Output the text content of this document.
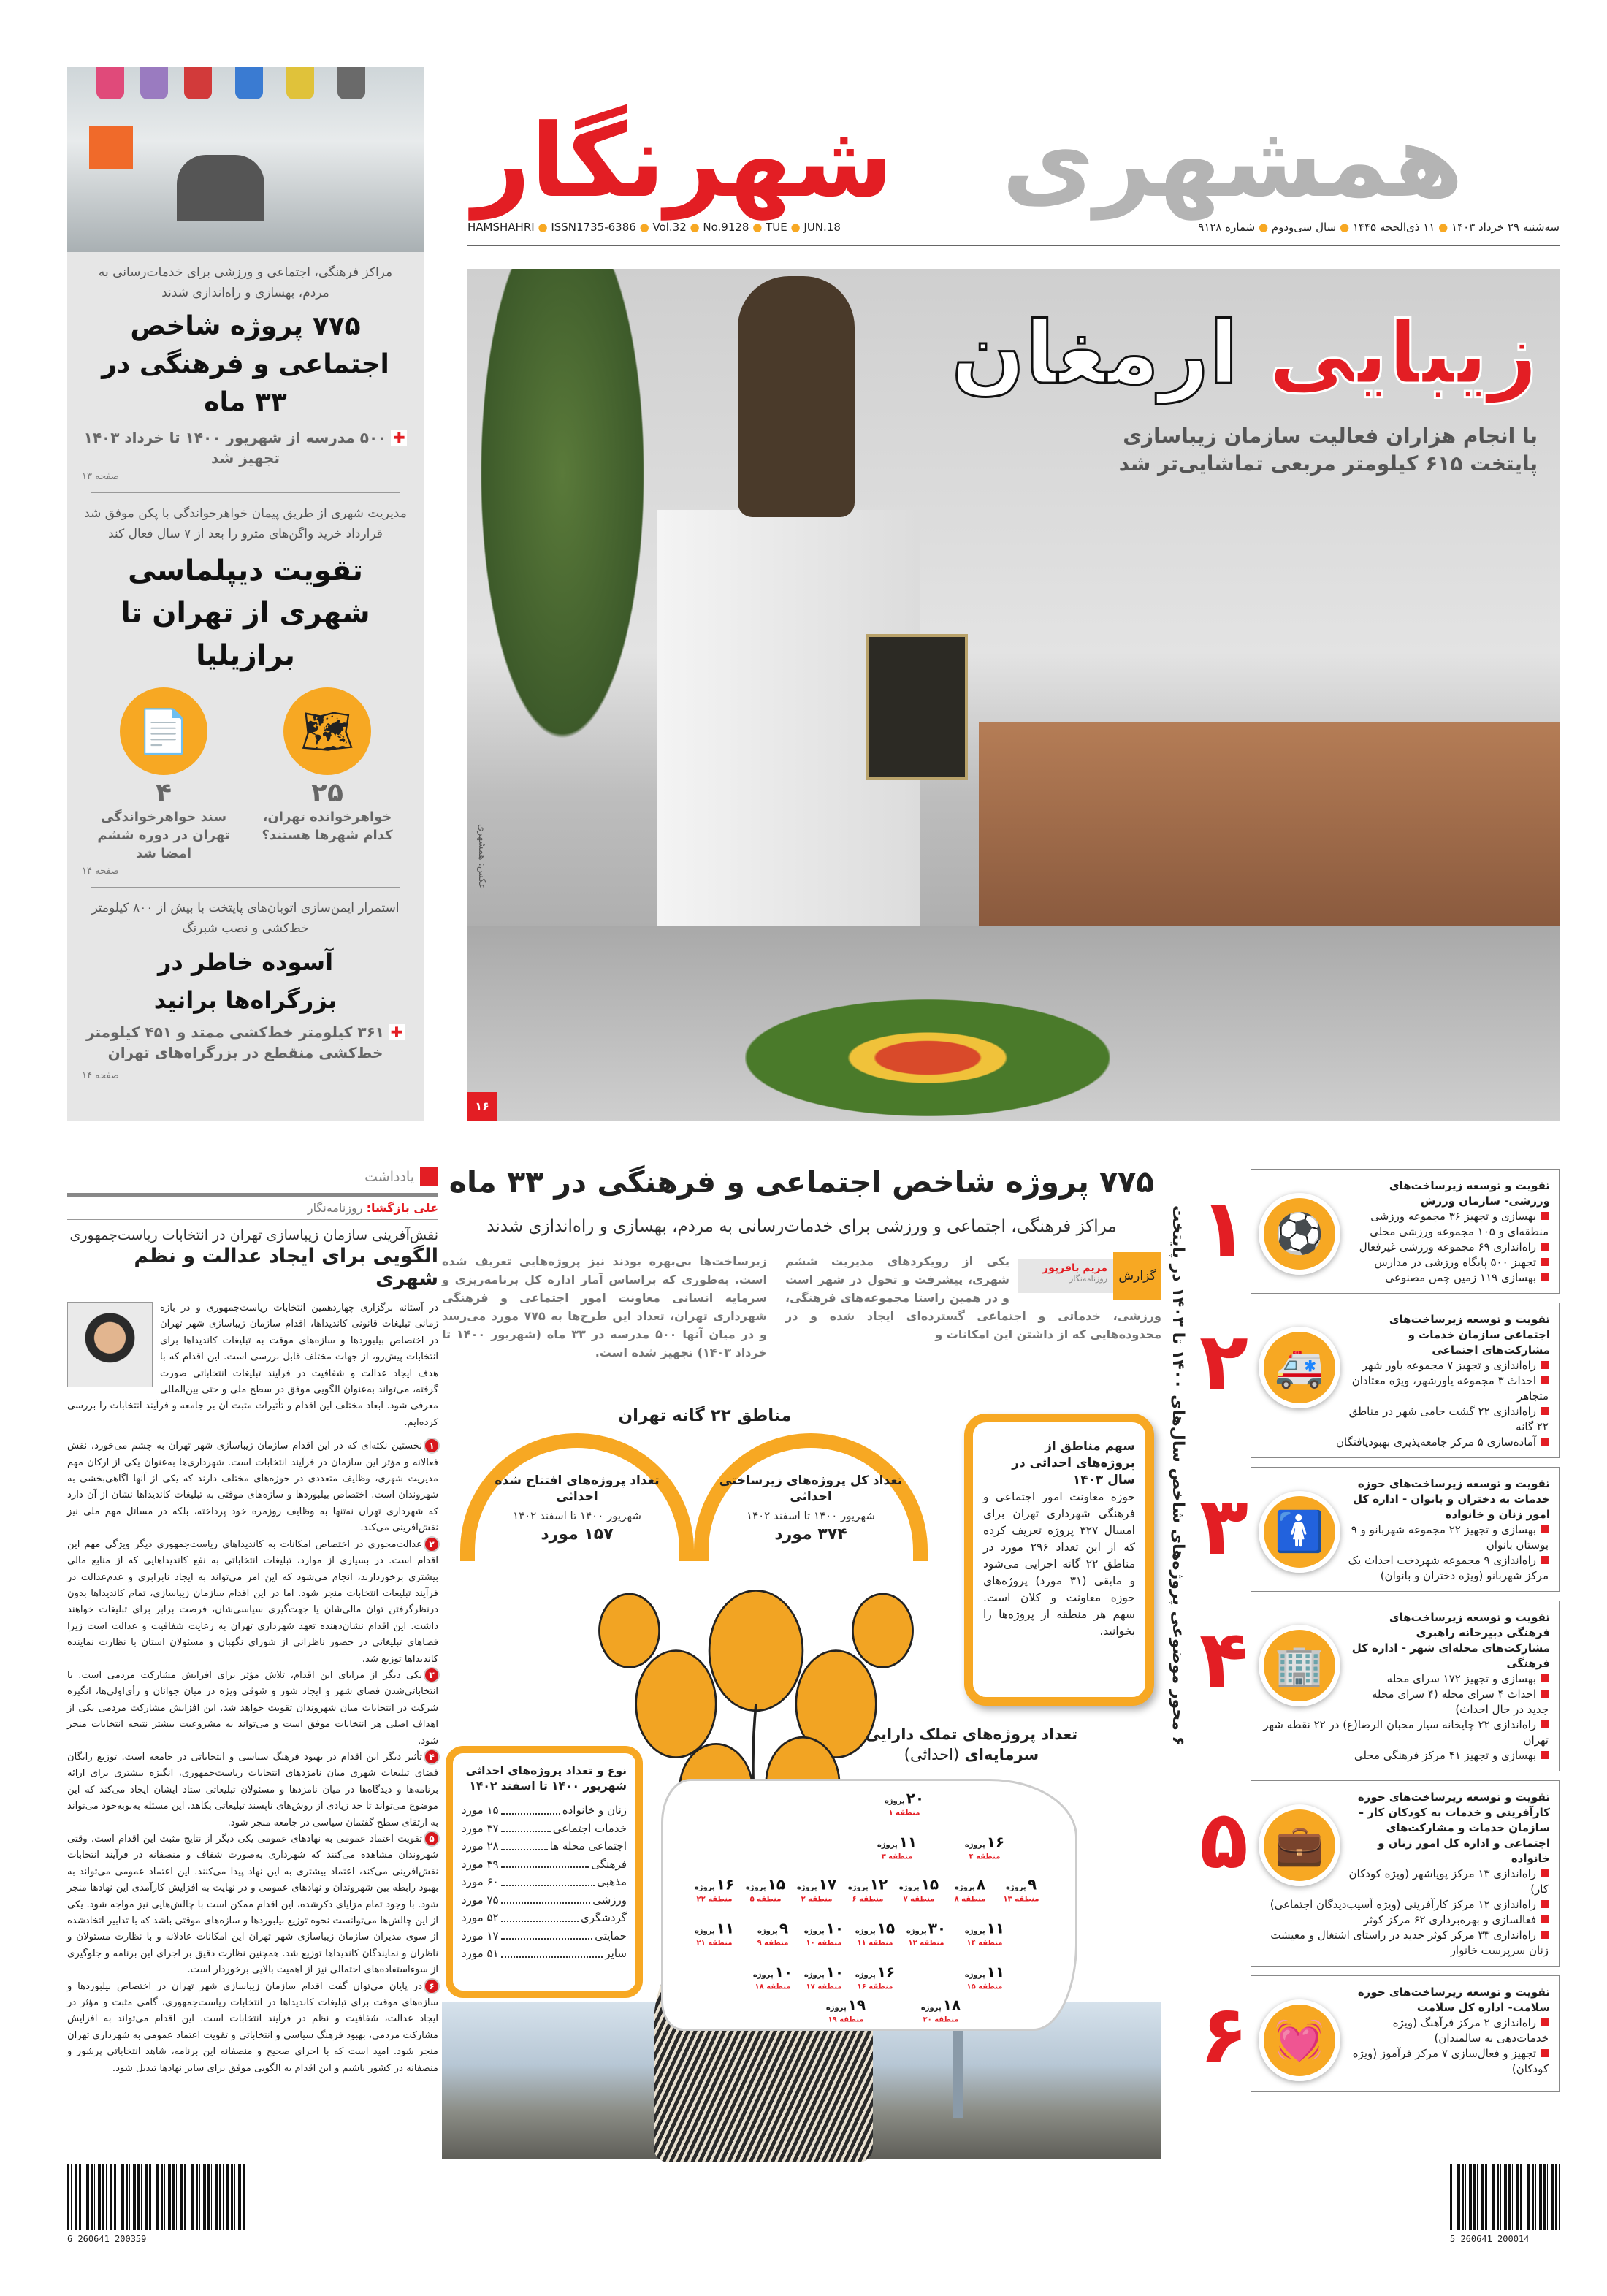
مراکز فرهنگی، اجتماعی و ورزشی برای خدمات‌رسانی به مردم، بهسازی و راه‌اندازی شدند
۷۷۵ پروژه شاخص اجتماعی و فرهنگی در ۳۳ ماه
✚۵۰۰ مدرسه از شهریور ۱۴۰۰ تا خرداد ۱۴۰۳ تجهیز شد
صفحه ۱۳
مدیریت شهری از طریق پیمان خواهرخواندگی با پکن موفق شد قرارداد خرید واگن‌های مترو را بعد از ۷ سال فعال کند
تقویت دیپلماسی شهری از تهران تا برازیلیا
🗺
۲۵
خواهرخوانده تهران، کدام شهرها هستند؟
📄
۴
سند خواهرخواندگی تهران در دوره ششم امضا شد
صفحه ۱۴
استمرار ایمن‌سازی اتوبان‌های پایتخت با بیش از ۸۰۰ کیلومتر خط‌کشی و نصب شبرنگ
آسوده خاطر در بزرگراه‌ها برانید
✚۳۶۱ کیلومتر خط‌کشی ممتد و ۴۵۱ کیلومتر خط‌کشی منقطع در بزرگراه‌های تهران
صفحه ۱۴
شهرنگار	همشهری
HAMSHAHRI ● ISSN1735-6386 ● Vol.32 ● No.9128 ● TUE ● JUN.18	سه‌شنبه ۲۹ خرداد ۱۴۰۳ ● ۱۱ ذی‌الحجه ۱۴۴۵ ● سال سی‌ودوم ● شماره ۹۱۲۸
زیبایی ارمغان
با انجام هزاران فعالیت سازمان زیباسازی
پایتخت ۶۱۵ کیلومتر مربعی تماشایی‌تر شد
عکس: همشهری
۱۶
یادداشت
علی بازگشا: روزنامه‌نگار
نقش‌آفرینی سازمان زیباسازی تهران در انتخابات ریاست‌جمهوری
الگویی برای ایجاد عدالت و نظم شهری

در آستانه برگزاری چهاردهمین انتخابات ریاست‌جمهوری و در بازه زمانی تبلیغات قانونی کاندیداها، اقدام سازمان زیباسازی شهر تهران در اختصاص بیلبوردها و سازه‌های موقت به تبلیغات کاندیداها برای انتخابات پیش‌رو، از جهات مختلف قابل بررسی است. این اقدام که با هدف ایجاد عدالت و شفافیت در فرآیند تبلیغات انتخاباتی صورت گرفته، می‌تواند به‌عنوان الگویی موفق در سطح ملی و حتی بین‌المللی معرفی شود. ابعاد مختلف این اقدام و تأثیرات مثبت آن بر جامعه و فرآیند انتخابات را بررسی کرده‌ایم.

۱نخستین نکته‌ای که در این اقدام سازمان زیباسازی شهر تهران به چشم می‌خورد، نقش فعالانه و مؤثر این سازمان در فرآیند انتخابات است. شهرداری‌ها به‌عنوان یکی از ارکان مهم مدیریت شهری، وظایف متعددی در حوزه‌های مختلف دارند که یکی از آنها آگاهی‌بخشی به شهروندان است. اختصاص بیلبوردها و سازه‌های موقتی به تبلیغات کاندیداها نشان از آن دارد که شهرداری تهران نه‌تنها به وظایف روزمره خود پرداخته، بلکه در مسائل مهم ملی نیز نقش‌آفرینی می‌کند.

۲عدالت‌محوری در اختصاص امکانات به کاندیداهای ریاست‌جمهوری دیگر ویژگی مهم این اقدام است. در بسیاری از موارد، تبلیغات انتخاباتی به نفع کاندیداهایی که از منابع مالی بیشتری برخوردارند، انجام می‌شود که این امر می‌تواند به ایجاد نابرابری و عدم‌عدالت در فرآیند تبلیغات انتخابات منجر شود. اما در این اقدام سازمان زیباسازی، تمام کاندیداها بدون درنظرگرفتن توان مالی‌شان یا جهت‌گیری سیاسی‌شان، فرصت برابر برای تبلیغات خواهند داشت. این اقدام نشان‌دهنده تعهد شهرداری تهران به رعایت شفافیت و عدالت است زیرا فضاهای تبلیغاتی در حضور ناظرانی از شورای نگهبان و مسئولان استان با نظارت نماینده کاندیداها توزیع شد.

۳یکی دیگر از مزایای این اقدام، تلاش مؤثر برای افزایش مشارکت مردمی است. با انتخاباتی‌شدن فضای شهر و ایجاد شور و شوقی ویژه در میان جوانان و رأی‌اولی‌ها، انگیزه شرکت در انتخابات میان شهروندان تقویت خواهد شد. این افزایش مشارکت مردمی یکی از اهداف اصلی هر انتخابات موفق است و می‌تواند به مشروعیت بیشتر نتیجه انتخابات منجر شود.

۴تأثیر دیگر این اقدام در بهبود فرهنگ سیاسی و انتخاباتی در جامعه است. توزیع رایگان فضای تبلیغات شهری میان نامزدهای انتخابات ریاست‌جمهوری، انگیزه بیشتری برای ارائه برنامه‌ها و دیدگاه‌ها در میان نامزدها و مسئولان تبلیغاتی ستاد ایشان ایجاد می‌کند که این موضوع می‌تواند تا حد زیادی از روش‌های ناپسند تبلیغاتی بکاهد. این مسئله به‌نوبه‌خود می‌تواند به ارتقای سطح گفتمان سیاسی در جامعه منجر شود.

۵تقویت اعتماد عمومی به نهادهای عمومی یکی دیگر از نتایج مثبت این اقدام است. وقتی شهروندان مشاهده می‌کنند که شهرداری به‌صورت شفاف و منصفانه در فرآیند انتخابات نقش‌آفرینی می‌کند، اعتماد بیشتری به این نهاد پیدا می‌کنند. این اعتماد عمومی می‌تواند به بهبود رابطه بین شهروندان و نهادهای عمومی و در نهایت به افزایش کارآمدی این نهادها منجر شود. با وجود تمام مزایای ذکرشده، این اقدام ممکن است با چالش‌هایی نیز مواجه شود. یکی از این چالش‌ها می‌توانست نحوه توزیع بیلبوردها و سازه‌های موقتی باشد که با تدابیر اتخاذشده از سوی مدیران سازمان زیباسازی شهر تهران این امکانات عادلانه و با نظارت مسئولان و ناظران و نمایندگان کاندیداها توزیع شد. همچنین نظارت دقیق بر اجرای این برنامه و جلوگیری از سوءاستفاده‌های احتمالی نیز از اهمیت بالایی برخوردار است.

۶در پایان می‌توان گفت اقدام سازمان زیباسازی شهر تهران در اختصاص بیلبوردها و سازه‌های موقت برای تبلیغات کاندیداها در انتخابات ریاست‌جمهوری، گامی مثبت و مؤثر در ایجاد عدالت، شفافیت و نظم در فرآیند انتخابات است. این اقدام می‌تواند به افزایش مشارکت مردمی، بهبود فرهنگ سیاسی و انتخاباتی و تقویت اعتماد عمومی به شهرداری تهران منجر شود. امید است که با اجرای صحیح و منصفانه این برنامه، شاهد انتخاباتی پرشور و منصفانه در کشور باشیم و این اقدام به الگویی موفق برای سایر نهادها تبدیل شود.

۷۷۵ پروژه شاخص اجتماعی و فرهنگی در ۳۳ ماه
مراکز فرهنگی، اجتماعی و ورزشی برای خدمات‌رسانی به مردم، بهسازی و راه‌اندازی شدند
گزارش
مریم باقرپور
روزنامه‌نگار
یکی از رویکردهای مدیریت ششم شهری، پیشرفت و تحول در شهر است و در همین راستا مجموعه‌های فرهنگی، ورزشی، خدماتی و اجتماعی گسترده‌ای ایجاد شده و در محدوده‌هایی که از داشتن این امکانات و
زیرساخت‌ها بی‌بهره بودند نیز پروژه‌هایی تعریف شده است. به‌طوری که براساس آمار اداره کل برنامه‌ریزی و سرمایه انسانی معاونت امور اجتماعی و فرهنگی شهرداری تهران، تعداد این طرح‌ها به ۷۷۵ مورد می‌رسد و در میان آنها ۵۰۰ مدرسه در ۳۳ ماه (شهریور ۱۴۰۰ تا خرداد ۱۴۰۳) تجهیز شده است.
مناطق ۲۲ گانه تهران
تعداد کل پروژه‌های زیرساختی احداثی
شهریور ۱۴۰۰ تا اسفند ۱۴۰۲
۳۷۴ مورد
تعداد پروژه‌های افتتاح شده احداثی
شهریور ۱۴۰۰ تا اسفند ۱۴۰۲
۱۵۷ مورد
سهم مناطق از پروژه‌های احداثی در سال ۱۴۰۳
حوزه معاونت امور اجتماعی و فرهنگی شهرداری تهران برای امسال ۳۲۷ پروژه تعریف کرده که از این تعداد ۲۹۶ مورد در مناطق ۲۲ گانه اجرایی می‌شود و مابقی (۳۱ مورد) پروژه‌های حوزه معاونت و کلان است. سهم هر منطقه از پروژه‌ها را بخوانید.
نوع و تعداد پروژه‌های احداثی شهریور ۱۴۰۰ تا اسفند ۱۴۰۲
زنان و خانواده
۱۵ مورد
خدمات اجتماعی
۳۷ مورد
اجتماعی محله ها
۲۸ مورد
فرهنگی
۳۹ مورد
مذهبی
۶۰ مورد
ورزشی
۷۵ مورد
گردشگری
۵۲ مورد
حمایتی
۱۷ مورد
سایر
۵۱ مورد
تعداد پروژه‌های تملک دارایی سرمایه‌ای (احداثی)
۲۰پروژه
منطقه ۱
۱۷پروژه
منطقه ۲
۱۱پروژه
منطقه ۳
۱۶پروژه
منطقه ۴
۱۵پروژه
منطقه ۵
۱۲پروژه
منطقه ۶
۱۵پروژه
منطقه ۷
۸پروژه
منطقه ۸
۹پروژه
منطقه ۹
۱۰پروژه
منطقه ۱۰
۱۵پروژه
منطقه ۱۱
۳۰پروژه
منطقه ۱۲
۹پروژه
منطقه ۱۳
۱۱پروژه
منطقه ۱۴
۱۱پروژه
منطقه ۱۵
۱۶پروژه
منطقه ۱۶
۱۰پروژه
منطقه ۱۷
۱۰پروژه
منطقه ۱۸
۱۹پروژه
منطقه ۱۹
۱۸پروژه
منطقه ۲۰
۱۱پروژه
منطقه ۲۱
۱۶پروژه
منطقه ۲۲
۶ محور موضوعی پروژه‌های شاخص سال‌های ۱۴۰۰ تا ۱۴۰۳ در پایتخت
۱ ⚽
تقویت و توسعه زیرساخت‌های ورزشی- سازمان ورزش
بهسازی و تجهیز ۳۶ مجموعه ورزشی منطقه‌ای و ۱۰۵ مجموعه ورزشی محلی
راه‌اندازی ۶۹ مجموعه ورزشی غیرفعال
تجهیز ۵۰۰ پایگاه ورزشی در مدارس
بهسازی ۱۱۹ زمین چمن مصنوعی
۲ 🚑
تقویت و توسعه زیرساخت‌های اجتماعی سازمان خدمات و مشارکت‌های اجتماعی
راه‌اندازی و تجهیز ۷ مجموعه یاور شهر
احداث ۳ مجموعه یاورشهر، ویژه معتادان متجاهر
راه‌اندازی ۲۲ گشت حامی شهر در مناطق ۲۲ گانه
آماده‌سازی ۵ مرکز جامعه‌پذیری بهبودیافتگان
۳ 🚺
تقویت و توسعه زیرساخت‌های حوزه خدمات به دختران و بانوان - اداره کل امور زنان و خانواده
بهسازی و تجهیز ۲۲ مجموعه شهربانو و ۹ بوستان بانوان
راه‌اندازی ۹ مجموعه شهردخت احداث یک مرکز شهربانو (ویژه دختران و بانوان)
۴ 🏢
تقویت و توسعه زیرساخت‌های فرهنگی دبیرخانه راهبری مشارکت‌های محله‌ای شهر - اداره کل فرهنگی
بهسازی و تجهیز ۱۷۲ سرای محله
احداث ۴ سرای محله (۴ سرای محله جدید در حال احداث)
راه‌اندازی ۲۲ چایخانه سیار محبان الرضا(ع) در ۲۲ نقطه شهر تهران
بهسازی و تجهیز ۴۱ مرکز فرهنگی محلی
۵ 💼
تقویت و توسعه زیرساخت‌های حوزه کارآفرینی و خدمات به کودکان کار – سازمان خدمات و مشارکت‌های اجتماعی و اداره کل امور زنان و خانواده
راه‌اندازی ۱۳ مرکز پویاشهر (ویژه کودکان کار)
راه‌اندازی ۱۲ مرکز کارآفرینی (ویژه آسیب‌دیدگان اجتماعی)
فعالسازی و بهره‌برداری ۶۲ مرکز کوثر
راه‌اندازی ۳۳ مرکز کوثر جدید در راستای اشتغال و معیشت زنان سرپرست خانوار
۶ 💓
تقویت و توسعه زیرساخت‌های حوزه سلامت- اداره کل سلامت
راه‌اندازی ۲ مرکز فرآهنگ (ویژه خدمات‌دهی به سالمندان)
تجهیز و فعال‌سازی ۷ مرکز فرآموز (ویژه کودکان)
6 260641 200359	5 260641 200014
